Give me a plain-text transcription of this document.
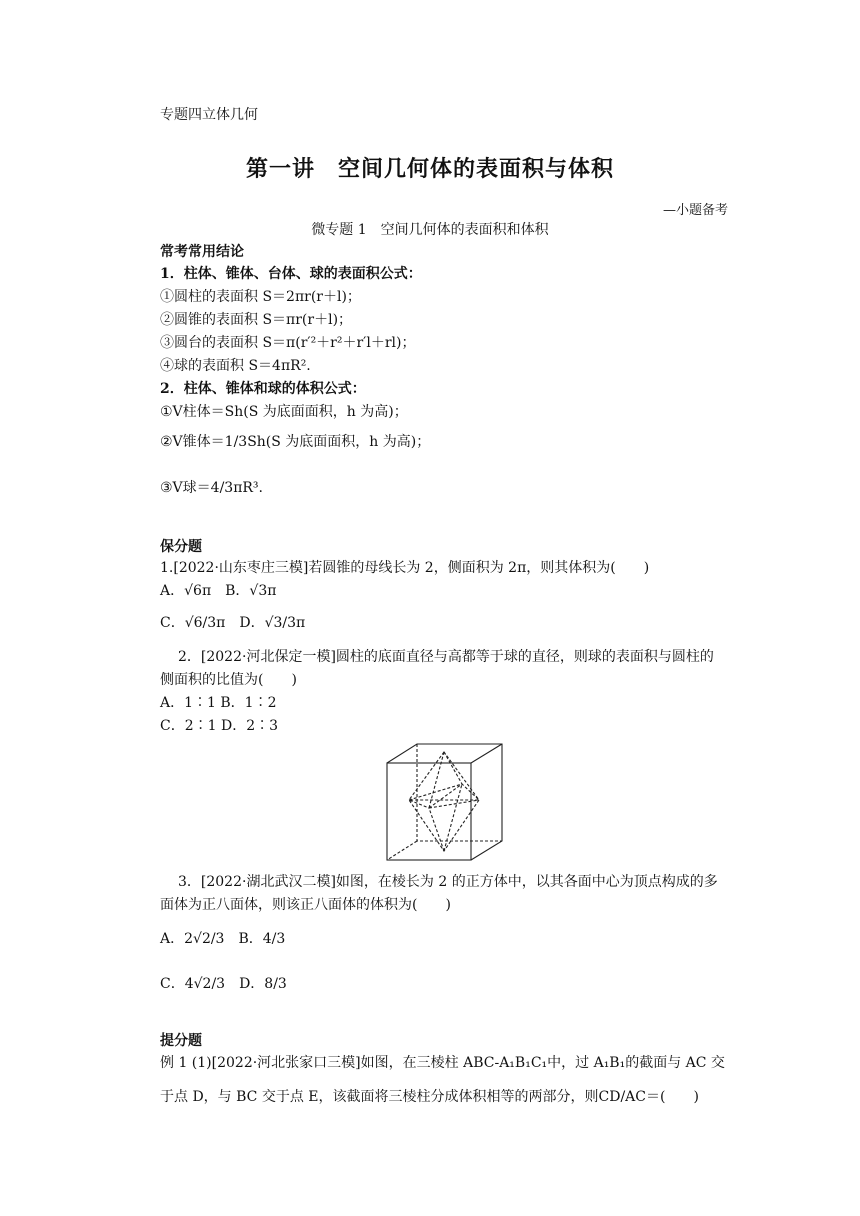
专题四立体几何
第一讲　空间几何体的表面积与体积
—小题备考
微专题 1　空间几何体的表面积和体积
常考常用结论
1．柱体、锥体、台体、球的表面积公式：
①圆柱的表面积 S＝2πr(r＋l)；
②圆锥的表面积 S＝πr(r＋l)；
③圆台的表面积 S＝π(r′²＋r²＋r′l＋rl)；
④球的表面积 S＝4πR².
2．柱体、锥体和球的体积公式：
①V柱体＝Sh(S 为底面面积，h 为高)；
②V锥体＝1/3Sh(S 为底面面积，h 为高)；
③V球＝4/3πR³.
保分题
1.[2022·山东枣庄三模]若圆锥的母线长为 2，侧面积为 2π，则其体积为(　　)
A．√6π　B．√3π
C．√6/3π　D．√3/3π
2．[2022·河北保定一模]圆柱的底面直径与高都等于球的直径，则球的表面积与圆柱的
侧面积的比值为(　　)
A．1∶1 B．1∶2
C．2∶1 D．2∶3
3．[2022·湖北武汉二模]如图，在棱长为 2 的正方体中，以其各面中心为顶点构成的多
面体为正八面体，则该正八面体的体积为(　　)
A．2√2/3　B．4/3
C．4√2/3　D．8/3
提分题
例 1 (1)[2022·河北张家口三模]如图，在三棱柱 ABC-A₁B₁C₁中，过 A₁B₁的截面与 AC 交
于点 D，与 BC 交于点 E，该截面将三棱柱分成体积相等的两部分，则CD/AC＝(　　)
